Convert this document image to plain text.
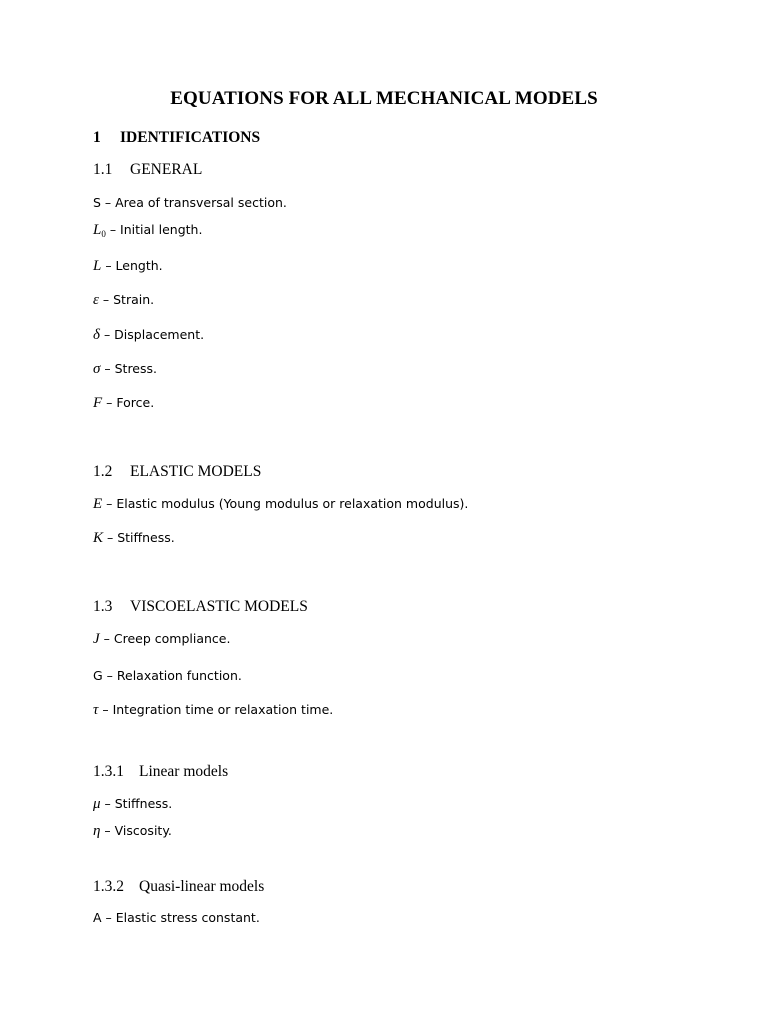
EQUATIONS FOR ALL MECHANICAL MODELS
1 IDENTIFICATIONS
1.1 GENERAL
S – Area of transversal section.
$L_0$ – Initial length.
L – Length.
ε – Strain.
δ – Displacement.
σ – Stress.
F – Force.
1.2 ELASTIC MODELS
E – Elastic modulus (Young modulus or relaxation modulus).
K – Stiffness.
1.3 VISCOELASTIC MODELS
J – Creep compliance.
G – Relaxation function.
τ – Integration time or relaxation time.
1.3.1 Linear models
μ – Stiffness.
η – Viscosity.
1.3.2 Quasi-linear models
A – Elastic stress constant.
